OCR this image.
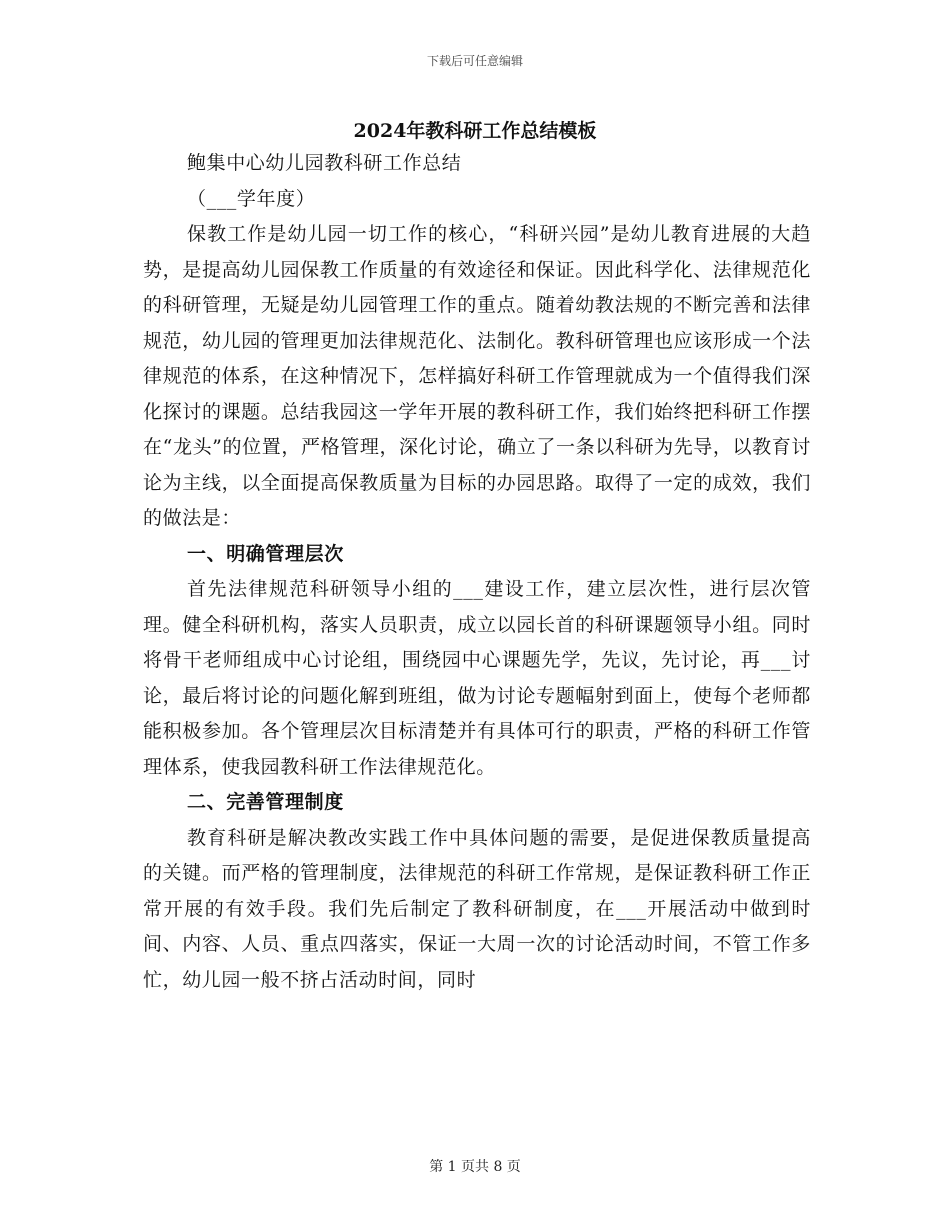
下载后可任意编辑
2024年教科研工作总结模板

鲍集中心幼儿园教科研工作总结

（___学年度）

保教工作是幼儿园一切工作的核心，“科研兴园”是幼儿教育进展的大趋势，是提高幼儿园保教工作质量的有效途径和保证。因此科学化、法律规范化的科研管理，无疑是幼儿园管理工作的重点。随着幼教法规的不断完善和法律规范，幼儿园的管理更加法律规范化、法制化。教科研管理也应该形成一个法律规范的体系，在这种情况下，怎样搞好科研工作管理就成为一个值得我们深化探讨的课题。总结我园这一学年开展的教科研工作，我们始终把科研工作摆在“龙头”的位置，严格管理，深化讨论，确立了一条以科研为先导，以教育讨论为主线，以全面提高保教质量为目标的办园思路。取得了一定的成效，我们的做法是：

一、明确管理层次

首先法律规范科研领导小组的___建设工作，建立层次性，进行层次管理。健全科研机构，落实人员职责，成立以园长首的科研课题领导小组。同时将骨干老师组成中心讨论组，围绕园中心课题先学，先议，先讨论，再___讨论，最后将讨论的问题化解到班组，做为讨论专题幅射到面上，使每个老师都能积极参加。各个管理层次目标清楚并有具体可行的职责，严格的科研工作管理体系，使我园教科研工作法律规范化。

二、完善管理制度

教育科研是解决教改实践工作中具体问题的需要，是促进保教质量提高的关键。而严格的管理制度，法律规范的科研工作常规，是保证教科研工作正常开展的有效手段。我们先后制定了教科研制度，在___开展活动中做到时间、内容、人员、重点四落实，保证一大周一次的讨论活动时间，不管工作多忙，幼儿园一般不挤占活动时间，同时

第 1 页共 8 页
